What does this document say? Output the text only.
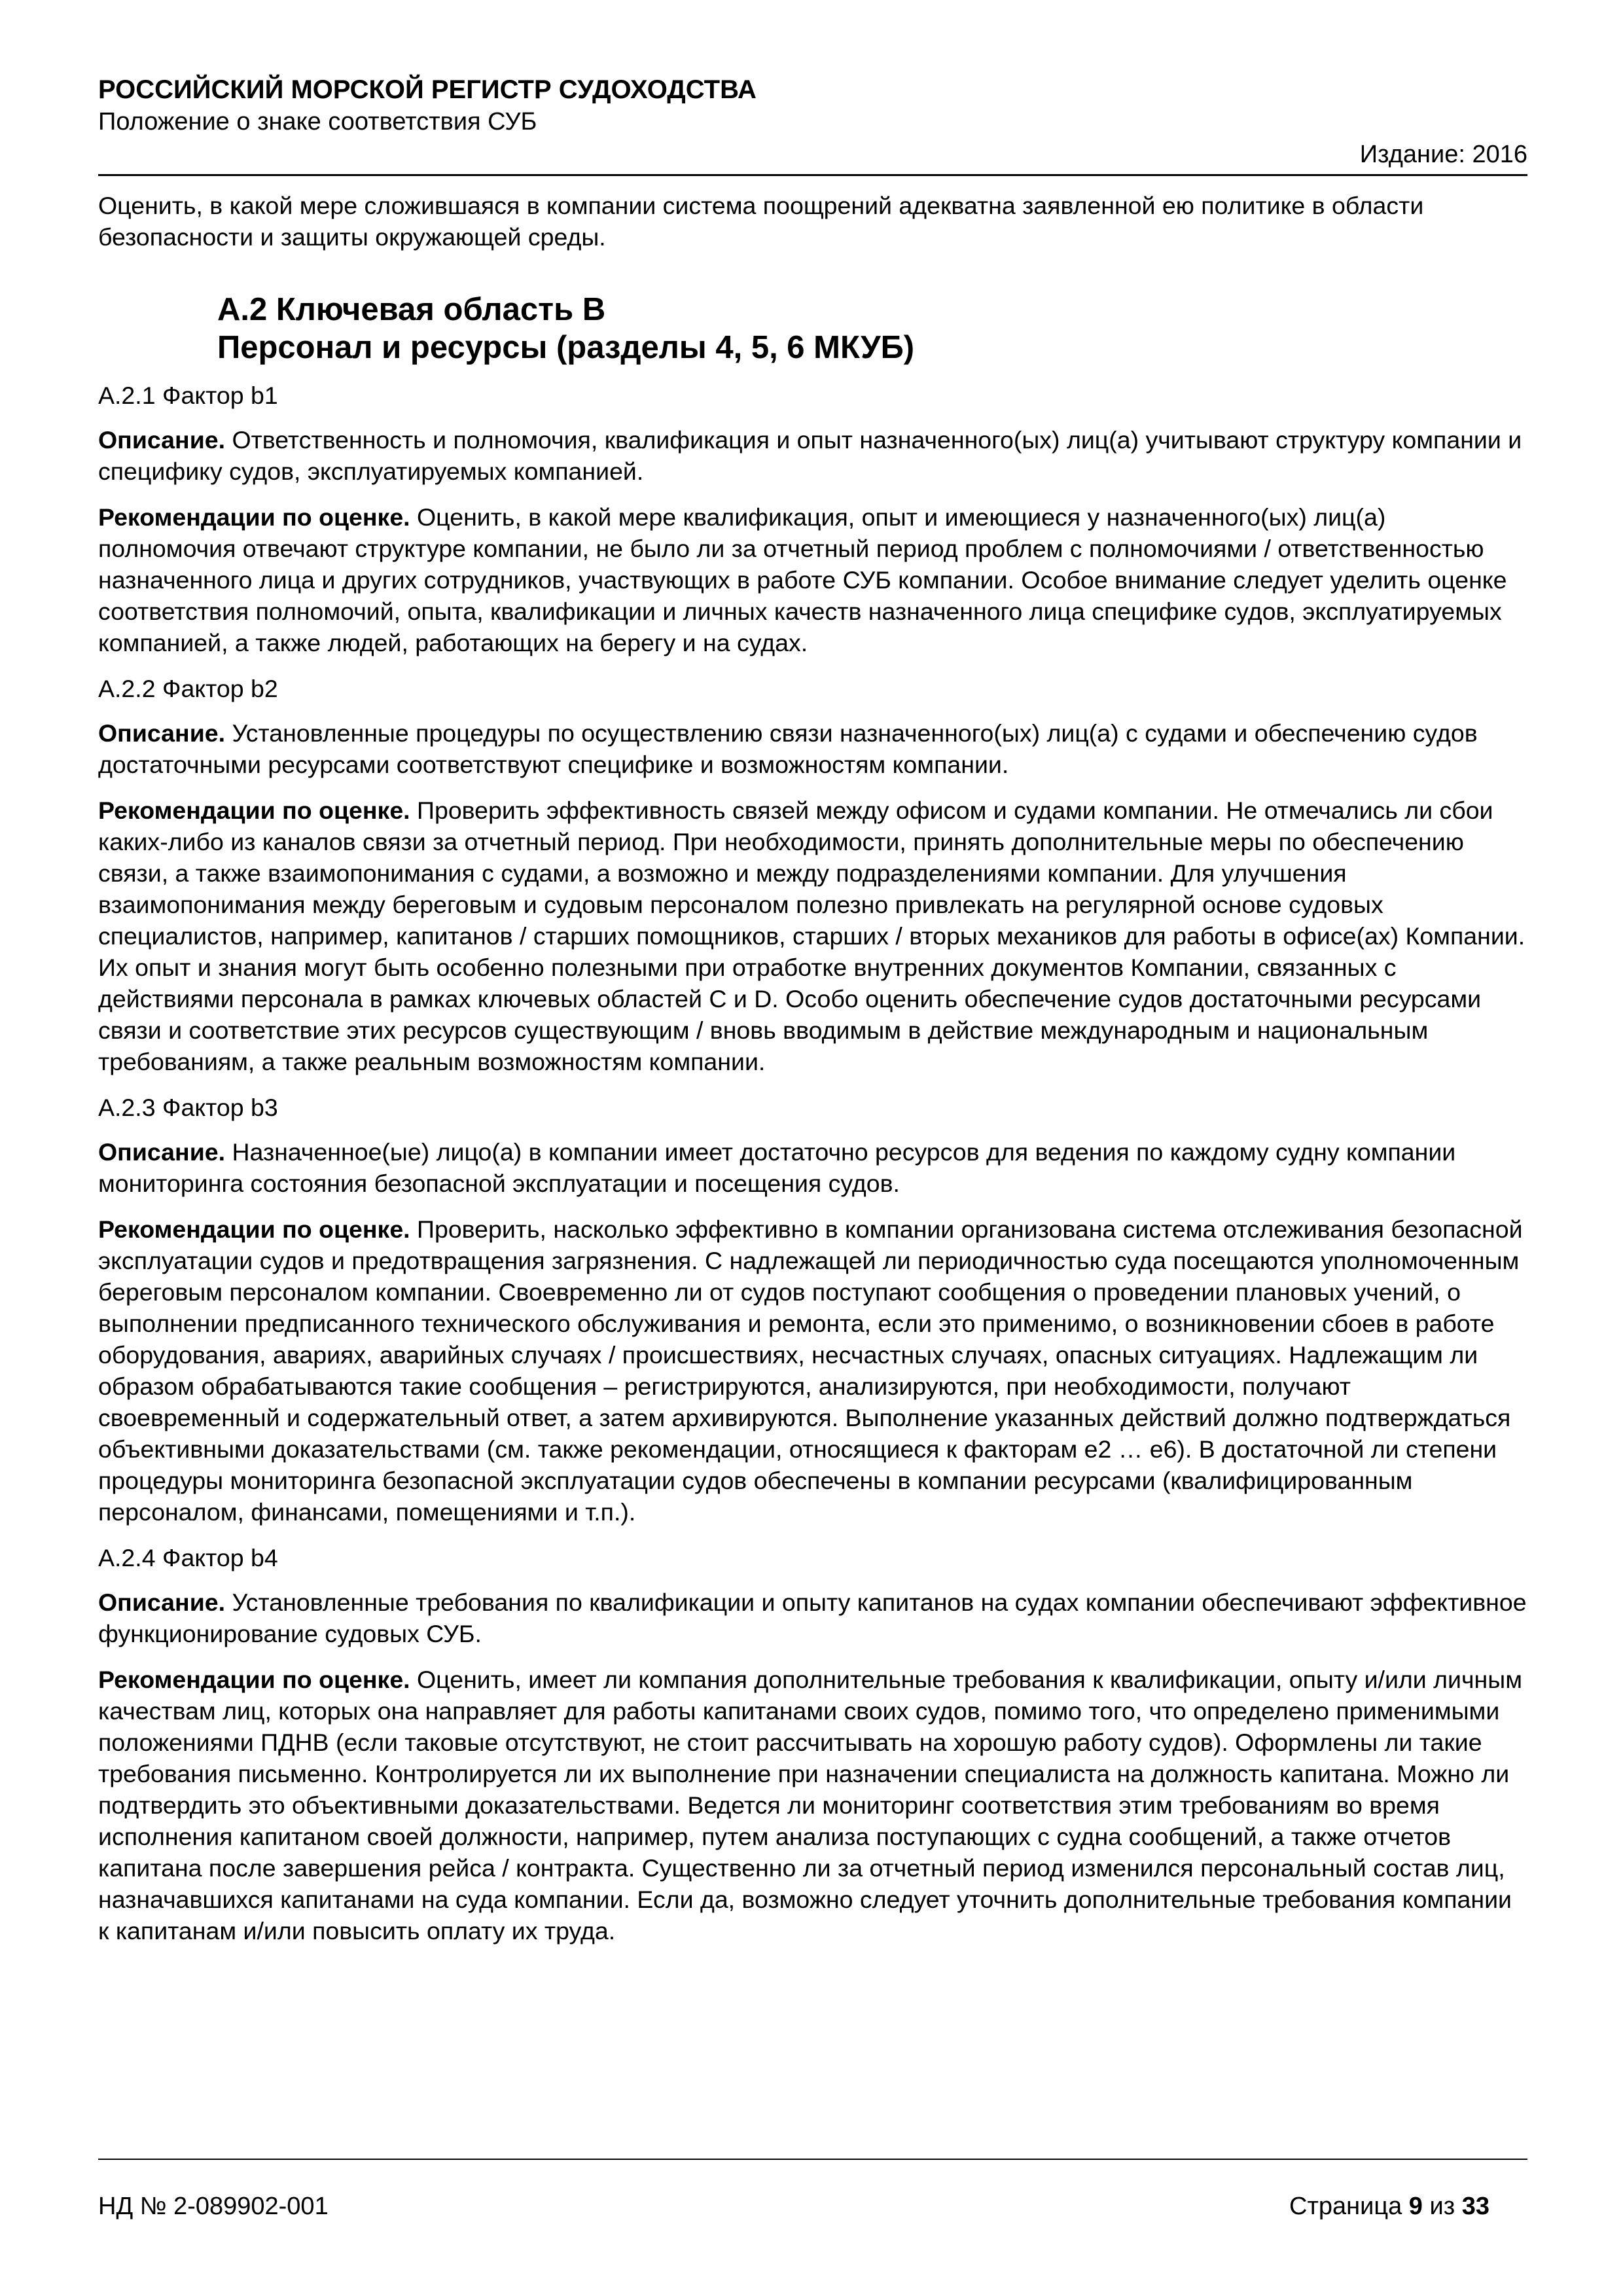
РОССИЙСКИЙ МОРСКОЙ РЕГИСТР СУДОХОДСТВА
Положение о знаке соответствия СУБ
Издание: 2016

Оценить, в какой мере сложившаяся в компании система поощрений адекватна заявленной ею политике в области безопасности и защиты окружающей среды.

А.2 Ключевая область В
Персонал и ресурсы (разделы 4, 5, 6 МКУБ)

А.2.1 Фактор b1

Описание. Ответственность и полномочия, квалификация и опыт назначенного(ых) лиц(а) учитывают структуру компании и специфику судов, эксплуатируемых компанией.

Рекомендации по оценке. Оценить, в какой мере квалификация, опыт и имеющиеся у назначенного(ых) лиц(а) полномочия отвечают структуре компании, не было ли за отчетный период проблем с полномочиями / ответственностью назначенного лица и других сотрудников, участвующих в работе СУБ компании. Особое внимание следует уделить оценке соответствия полномочий, опыта, квалификации и личных качеств назначенного лица специфике судов, эксплуатируемых компанией, а также людей, работающих на берегу и на судах.

А.2.2 Фактор b2

Описание. Установленные процедуры по осуществлению связи назначенного(ых) лиц(а) с судами и обеспечению судов достаточными ресурсами соответствуют специфике и возможностям компании.

Рекомендации по оценке. Проверить эффективность связей между офисом и судами компании. Не отмечались ли сбои каких-либо из каналов связи за отчетный период. При необходимости, принять дополнительные меры по обеспечению связи, а также взаимопонимания с судами, а возможно и между подразделениями компании. Для улучшения взаимопонимания между береговым и судовым персоналом полезно привлекать на регулярной основе судовых специалистов, например, капитанов / старших помощников, старших / вторых механиков для работы в офисе(ах) Компании. Их опыт и знания могут быть особенно полезными при отработке внутренних документов Компании, связанных с действиями персонала в рамках ключевых областей С и D. Особо оценить обеспечение судов достаточными ресурсами связи и соответствие этих ресурсов существующим / вновь вводимым в действие международным и национальным требованиям, а также реальным возможностям компании.

А.2.3 Фактор b3

Описание. Назначенное(ые) лицо(а) в компании имеет достаточно ресурсов для ведения по каждому судну компании мониторинга состояния безопасной эксплуатации и посещения судов.

Рекомендации по оценке. Проверить, насколько эффективно в компании организована система отслеживания безопасной эксплуатации судов и предотвращения загрязнения. С надлежащей ли периодичностью суда посещаются уполномоченным береговым персоналом компании. Своевременно ли от судов поступают сообщения о проведении плановых учений, о выполнении предписанного технического обслуживания и ремонта, если это применимо, о возникновении сбоев в работе оборудования, авариях, аварийных случаях / происшествиях, несчастных случаях, опасных ситуациях. Надлежащим ли образом обрабатываются такие сообщения – регистрируются, анализируются, при необходимости, получают своевременный и содержательный ответ, а затем архивируются. Выполнение указанных действий должно подтверждаться объективными доказательствами (см. также рекомендации, относящиеся к факторам е2 … е6). В достаточной ли степени процедуры мониторинга безопасной эксплуатации судов обеспечены в компании ресурсами (квалифицированным персоналом, финансами, помещениями и т.п.).

А.2.4 Фактор b4

Описание. Установленные требования по квалификации и опыту капитанов на судах компании обеспечивают эффективное функционирование судовых СУБ.

Рекомендации по оценке. Оценить, имеет ли компания дополнительные требования к квалификации, опыту и/или личным качествам лиц, которых она направляет для работы капитанами своих судов, помимо того, что определено применимыми положениями ПДНВ (если таковые отсутствуют, не стоит рассчитывать на хорошую работу судов). Оформлены ли такие требования письменно. Контролируется ли их выполнение при назначении специалиста на должность капитана. Можно ли подтвердить это объективными доказательствами. Ведется ли мониторинг соответствия этим требованиям во время исполнения капитаном своей должности, например, путем анализа поступающих с судна сообщений, а также отчетов капитана после завершения рейса / контракта. Существенно ли за отчетный период изменился персональный состав лиц, назначавшихся капитанами на суда компании. Если да, возможно следует уточнить дополнительные требования компании к капитанам и/или повысить оплату их труда.

НД № 2-089902-001	Страница 9 из 33
